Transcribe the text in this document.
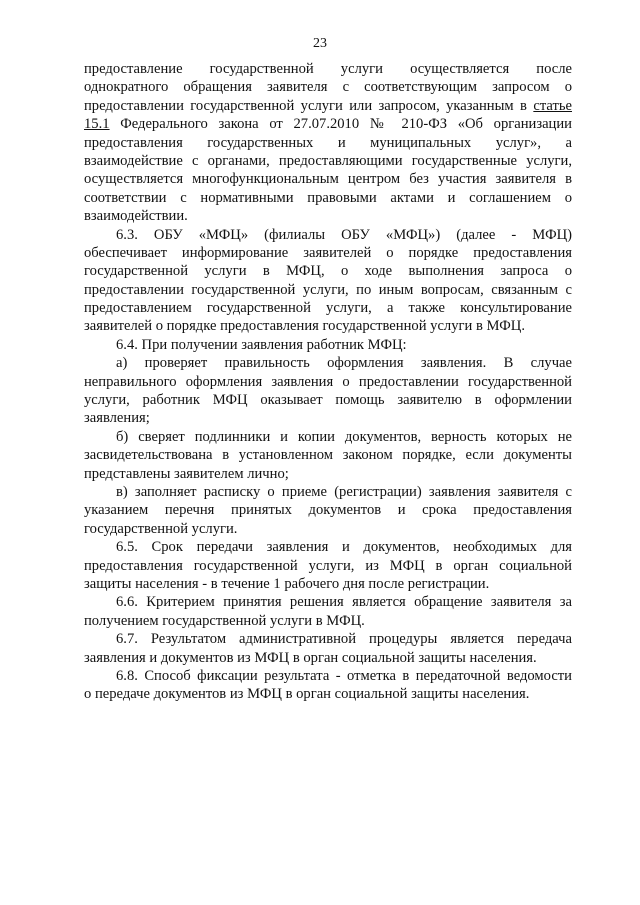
23
предоставление государственной услуги осуществляется после
однократного обращения заявителя с соответствующим запросом о
предоставлении государственной услуги или запросом, указанным в статье
15.1 Федерального закона от 27.07.2010 № 210-ФЗ «Об организации
предоставления государственных и муниципальных услуг», а
взаимодействие с органами, предоставляющими государственные услуги,
осуществляется многофункциональным центром без участия заявителя в
соответствии с нормативными правовыми актами и соглашением о
взаимодействии.
6.3. ОБУ «МФЦ» (филиалы ОБУ «МФЦ») (далее - МФЦ)
обеспечивает информирование заявителей о порядке предоставления
государственной услуги в МФЦ, о ходе выполнения запроса о
предоставлении государственной услуги, по иным вопросам, связанным с
предоставлением государственной услуги, а также консультирование
заявителей о порядке предоставления государственной услуги в МФЦ.
6.4. При получении заявления работник МФЦ:
а) проверяет правильность оформления заявления. В случае
неправильного оформления заявления о предоставлении государственной
услуги, работник МФЦ оказывает помощь заявителю в оформлении
заявления;
б) сверяет подлинники и копии документов, верность которых не
засвидетельствована в установленном законом порядке, если документы
представлены заявителем лично;
в) заполняет расписку о приеме (регистрации) заявления заявителя с
указанием перечня принятых документов и срока предоставления
государственной услуги.
6.5. Срок передачи заявления и документов, необходимых для
предоставления государственной услуги, из МФЦ в орган социальной
защиты населения - в течение 1 рабочего дня после регистрации.
6.6. Критерием принятия решения является обращение заявителя за
получением государственной услуги в МФЦ.
6.7. Результатом административной процедуры является передача
заявления и документов из МФЦ в орган социальной защиты населения.
6.8. Способ фиксации результата - отметка в передаточной ведомости
о передаче документов из МФЦ в орган социальной защиты населения.
